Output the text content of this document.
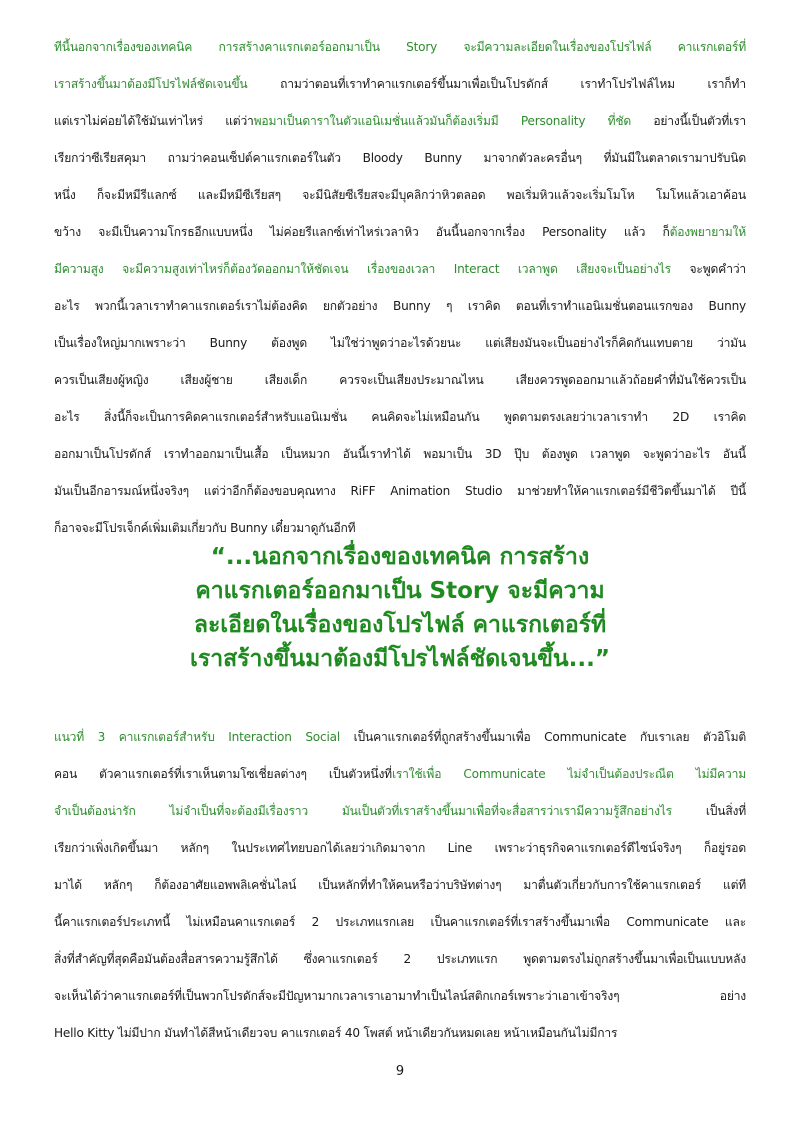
ทีนี้นอกจากเรื่องของเทคนิค การสร้างคาแรกเตอร์ออกมาเป็น Story จะมีความละเอียดในเรื่องของโปรไฟล์ คาแรกเตอร์ที่
เราสร้างขึ้นมาต้องมีโปรไฟล์ชัดเจนขึ้น ถามว่าตอนที่เราทำคาแรกเตอร์ขึ้นมาเพื่อเป็นโปรดักส์ เราทำโปรไฟล์ไหม เราก็ทำ
แต่เราไม่ค่อยได้ใช้มันเท่าไหร่ แต่ว่าพอมาเป็นดาราในตัวแอนิเมชั่นแล้วมันก็ต้องเริ่มมี Personality ที่ชัด อย่างนี้เป็นตัวที่เรา
เรียกว่าซีเรียสคุมา ถามว่าคอนเซ็ปต์คาแรกเตอร์ในตัว Bloody Bunny มาจากตัวละครอื่นๆ ที่มันมีในตลาดเรามาปรับนิด
หนึ่ง ก็จะมีหมีรีแลกซ์ และมีหมีซีเรียสๆ จะมีนิสัยซีเรียสจะมีบุคลิกว่าหิวตลอด พอเริ่มหิวแล้วจะเริ่มโมโห โมโหแล้วเอาค้อน
ขว้าง จะมีเป็นความโกรธอีกแบบหนึ่ง ไม่ค่อยรีแลกซ์เท่าไหร่เวลาหิว อันนี้นอกจากเรื่อง Personality แล้ว ก็ต้องพยายามให้
มีความสูง จะมีความสูงเท่าไหร่ก็ต้องวัดออกมาให้ชัดเจน เรื่องของเวลา Interact เวลาพูด เสียงจะเป็นอย่างไร จะพูดคำว่า
อะไร พวกนี้เวลาเราทำคาแรกเตอร์เราไม่ต้องคิด ยกตัวอย่าง Bunny ๆ เราคิด ตอนที่เราทำแอนิเมชั่นตอนแรกของ Bunny
เป็นเรื่องใหญ่มากเพราะว่า Bunny ต้องพูด ไม่ใช่ว่าพูดว่าอะไรด้วยนะ แต่เสียงมันจะเป็นอย่างไรก็คิดกันแทบตาย ว่ามัน
ควรเป็นเสียงผู้หญิง เสียงผู้ชาย เสียงเด็ก ควรจะเป็นเสียงประมาณไหน เสียงควรพูดออกมาแล้วถ้อยคำที่มันใช้ควรเป็น
อะไร สิ่งนี้ก็จะเป็นการคิดคาแรกเตอร์สำหรับแอนิเมชั่น คนคิดจะไม่เหมือนกัน พูดตามตรงเลยว่าเวลาเราทำ 2D เราคิด
ออกมาเป็นโปรดักส์ เราทำออกมาเป็นเสื้อ เป็นหมวก อันนี้เราทำได้ พอมาเป็น 3D ปุ๊บ ต้องพูด เวลาพูด จะพูดว่าอะไร อันนี้
มันเป็นอีกอารมณ์หนึ่งจริงๆ แต่ว่าอีกก็ต้องขอบคุณทาง RiFF Animation Studio มาช่วยทำให้คาแรกเตอร์มีชีวิตขึ้นมาได้ ปีนี้
ก็อาจจะมีโปรเจ็กค์เพิ่มเติมเกี่ยวกับ Bunny เดี๋ยวมาดูกันอีกที
“...นอกจากเรื่องของเทคนิค การสร้าง
คาแรกเตอร์ออกมาเป็น Story จะมีความ
ละเอียดในเรื่องของโปรไฟล์ คาแรกเตอร์ที่
เราสร้างขึ้นมาต้องมีโปรไฟล์ชัดเจนขึ้น...”
แนวที่ 3 คาแรกเตอร์สำหรับ Interaction Social เป็นคาแรกเตอร์ที่ถูกสร้างขึ้นมาเพื่อ Communicate กับเราเลย ตัวอิโมติ
คอน ตัวคาแรกเตอร์ที่เราเห็นตามโซเชี่ยลต่างๆ เป็นตัวหนึ่งที่เราใช้เพื่อ Communicate ไม่จำเป็นต้องประณีต ไม่มีความ
จำเป็นต้องน่ารัก ไม่จำเป็นที่จะต้องมีเรื่องราว มันเป็นตัวที่เราสร้างขึ้นมาเพื่อที่จะสื่อสารว่าเรามีความรู้สึกอย่างไร เป็นสิ่งที่
เรียกว่าเพิ่งเกิดขึ้นมา หลักๆ ในประเทศไทยบอกได้เลยว่าเกิดมาจาก Line เพราะว่าธุรกิจคาแรกเตอร์ดีไซน์จริงๆ ก็อยู่รอด
มาได้ หลักๆ ก็ต้องอาศัยแอพพลิเคชั่นไลน์ เป็นหลักที่ทำให้คนหรือว่าบริษัทต่างๆ มาตื่นตัวเกี่ยวกับการใช้คาแรกเตอร์ แต่ที
นี้คาแรกเตอร์ประเภทนี้ ไม่เหมือนคาแรกเตอร์ 2 ประเภทแรกเลย เป็นคาแรกเตอร์ที่เราสร้างขึ้นมาเพื่อ Communicate และ
สิ่งที่สำคัญที่สุดคือมันต้องสื่อสารความรู้สึกได้ ซึ่งคาแรกเตอร์ 2 ประเภทแรก พูดตามตรงไม่ถูกสร้างขึ้นมาเพื่อเป็นแบบหลัง
จะเห็นได้ว่าคาแรกเตอร์ที่เป็นพวกโปรดักส์จะมีปัญหามากเวลาเราเอามาทำเป็นไลน์สติกเกอร์เพราะว่าเอาเข้าจริงๆ อย่าง
Hello Kitty ไม่มีปาก มันทำได้สีหน้าเดียวจบ คาแรกเตอร์ 40 โพสต์ หน้าเดียวกันหมดเลย หน้าเหมือนกันไม่มีการ
9
